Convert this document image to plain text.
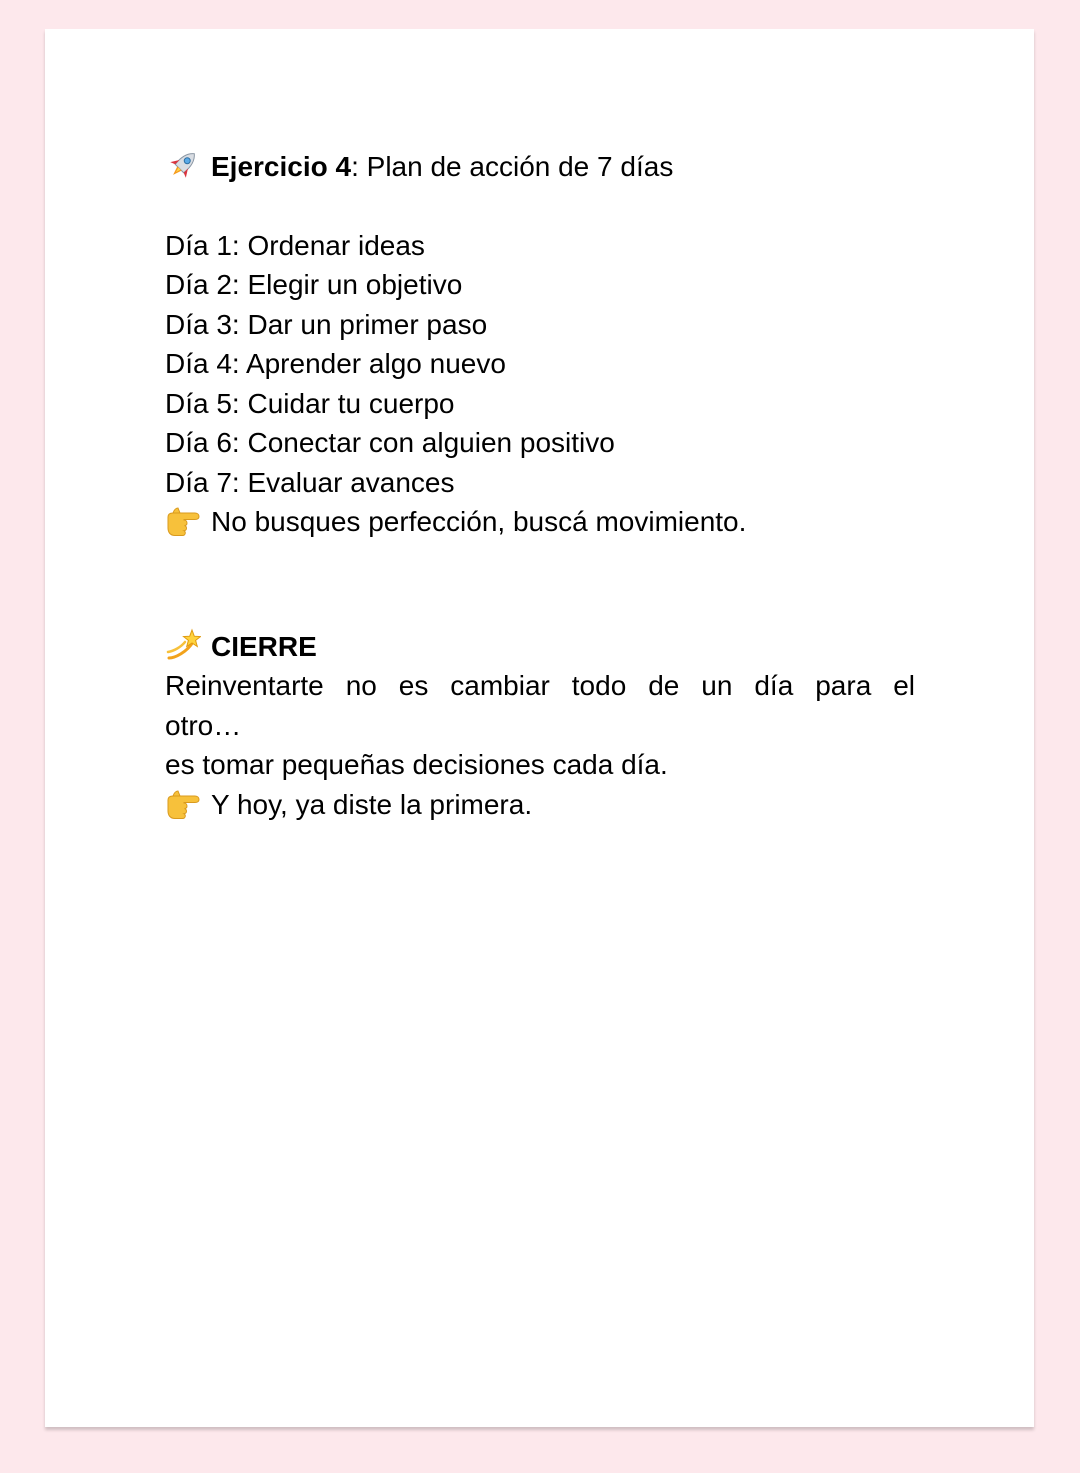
Ejercicio 4: Plan de acción de 7 días
Día 1: Ordenar ideas
Día 2: Elegir un objetivo
Día 3: Dar un primer paso
Día 4: Aprender algo nuevo
Día 5: Cuidar tu cuerpo
Día 6: Conectar con alguien positivo
Día 7: Evaluar avances
No busques perfección, buscá movimiento.
CIERRE
Reinventarte no es cambiar todo de un día para el
otro…
es tomar pequeñas decisiones cada día.
Y hoy, ya diste la primera.
